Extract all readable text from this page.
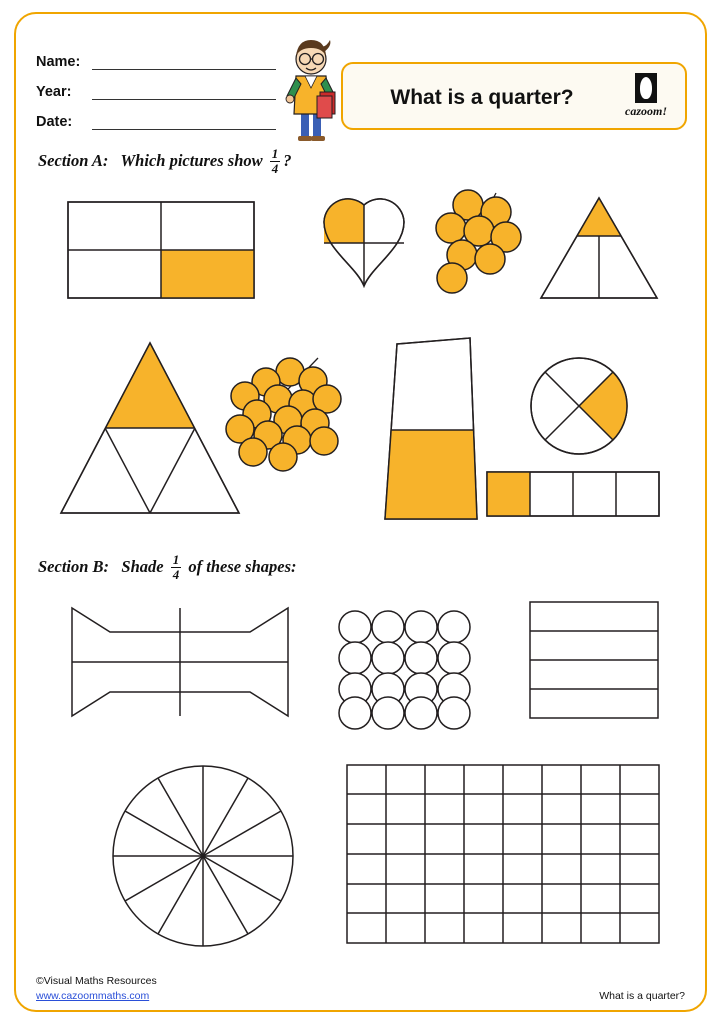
Name:
Year:
Date:
What is a quarter?
cazoom!
Section A: Which pictures show $\frac{1}{4}$ ?
Section B: Shade $\frac{1}{4}$ of these shapes:
©Visual Maths Resources
www.cazoommaths.com	What is a quarter?
